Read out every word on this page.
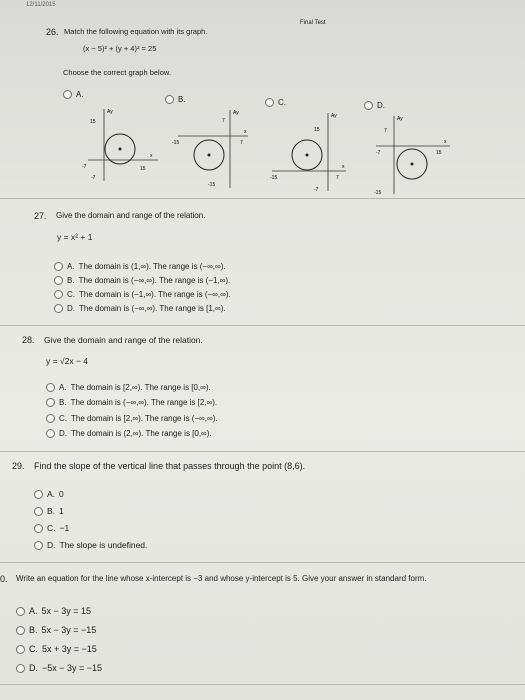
12/11/2015
Final Test
26. Match the following equation with its graph.
(x − 5)² + (y + 4)² = 25
Choose the correct graph below.
A.
B.	C.	D.
Ay
x
15
-7
-7	15
Ay
x
7
-15
-15	7
Ay
x
15
-7
-15	7
Ay
x
7
-15
-7	15
27. Give the domain and range of the relation.
y = x² + 1
A. The domain is (1,∞). The range is (−∞,∞).
B. The domain is (−∞,∞). The range is (−1,∞).
C. The domain is (−1,∞). The range is (−∞,∞).
D. The domain is (−∞,∞). The range is [1,∞).
28. Give the domain and range of the relation.
y = √2x − 4
A. The domain is [2,∞). The range is [0,∞).
B. The domain is (−∞,∞). The range is [2,∞).
C. The domain is [2,∞). The range is (−∞,∞).
D. The domain is (2,∞). The range is [0,∞).
29. Find the slope of the vertical line that passes through the point (8,6).
A. 0
B. 1
C. −1
D. The slope is undefined.
0. Write an equation for the line whose x-intercept is −3 and whose y-intercept is 5. Give your answer in standard form.
A. 5x − 3y = 15
B. 5x − 3y = −15
C. 5x + 3y = −15
D. −5x − 3y = −15
